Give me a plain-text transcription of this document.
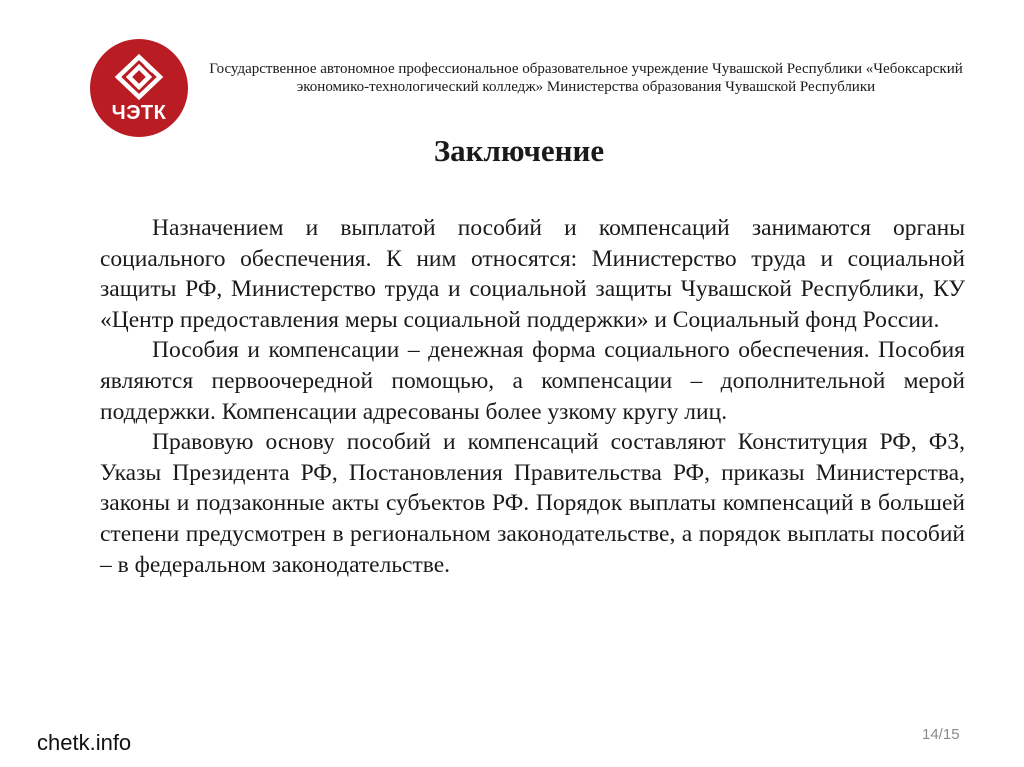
ЧЭТК
Государственное автономное профессиональное образовательное учреждение Чувашской Республики «Чебоксарский экономико-технологический колледж» Министерства образования Чувашской Республики
Заключение

Назначением и выплатой пособий и компенсаций занимаются органы социального обеспечения. К ним относятся: Министерство труда и социальной защиты РФ, Министерство труда и социальной защиты Чувашской Республики, КУ «Центр предоставления меры социальной поддержки» и Социальный фонд России.

Пособия и компенсации – денежная форма социального обеспечения. Пособия являются первоочередной помощью, а компенсации – дополнительной мерой поддержки. Компенсации адресованы более узкому кругу лиц.

Правовую основу пособий и компенсаций составляют Конституция РФ, ФЗ, Указы Президента РФ, Постановления Правительства РФ, приказы Министерства, законы и подзаконные акты субъектов РФ. Порядок выплаты компенсаций в большей степени предусмотрен в региональном законодательстве, а порядок выплаты пособий – в федеральном законодательстве.

chetk.info	14/15
